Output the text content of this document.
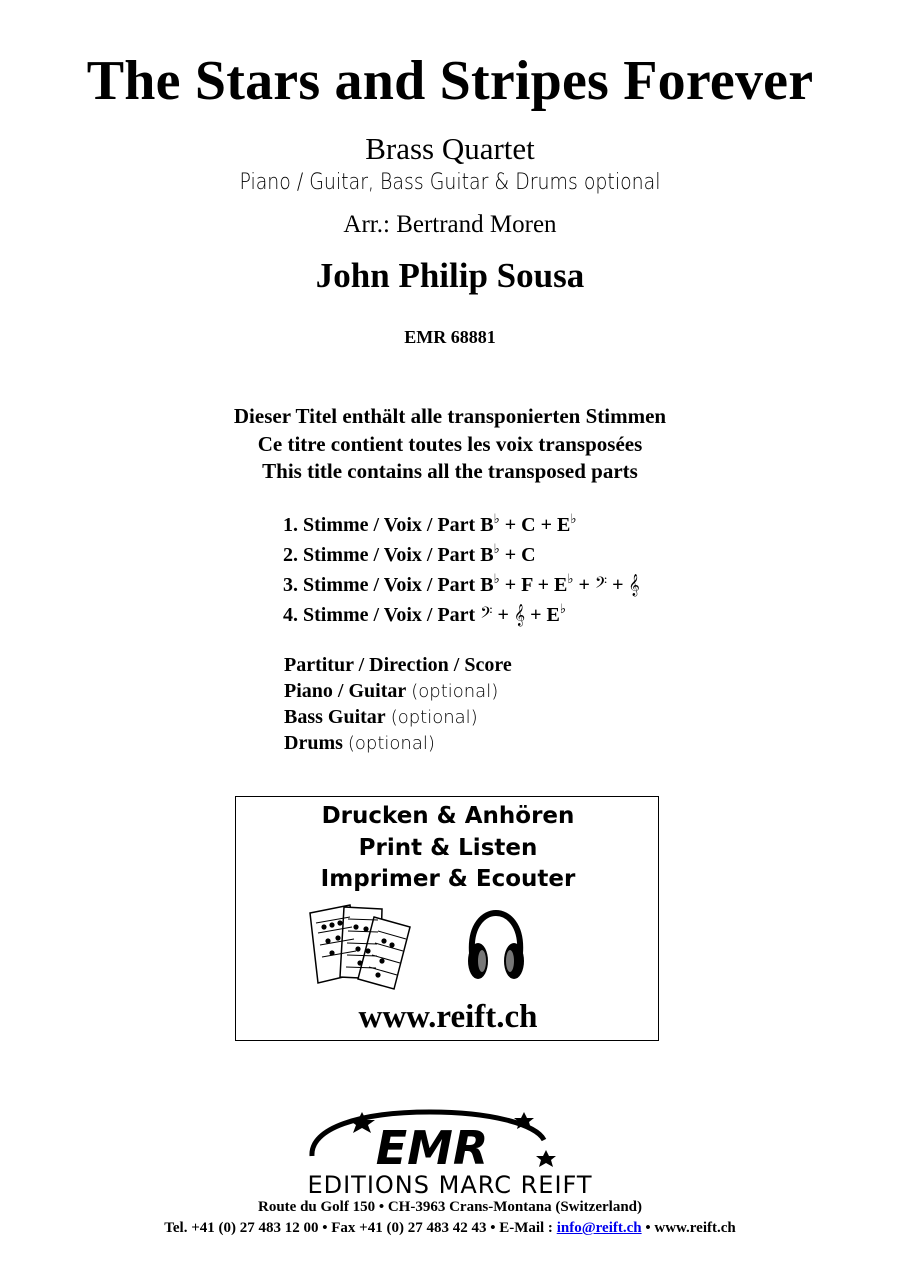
The Stars and Stripes Forever
Brass Quartet
Piano / Guitar, Bass Guitar & Drums optional
Arr.: Bertrand Moren
John Philip Sousa
EMR 68881
Dieser Titel enthält alle transponierten Stimmen
Ce titre contient toutes les voix transposées
This title contains all the transposed parts
1. Stimme / Voix / Part B♭ + C + E♭
2. Stimme / Voix / Part B♭ + C
3. Stimme / Voix / Part B♭ + F + E♭ + 𝄢 + 𝄞
4. Stimme / Voix / Part 𝄢 + 𝄞 + E♭
Partitur / Direction / Score
Piano / Guitar (optional)
Bass Guitar (optional)
Drums (optional)
Drucken & Anhören
Print & Listen
Imprimer & Ecouter
www.reift.ch
EMR
EDITIONS MARC REIFT
Route du Golf 150 • CH-3963 Crans-Montana (Switzerland)
Tel. +41 (0) 27 483 12 00 • Fax +41 (0) 27 483 42 43 • E-Mail : info@reift.ch • www.reift.ch
